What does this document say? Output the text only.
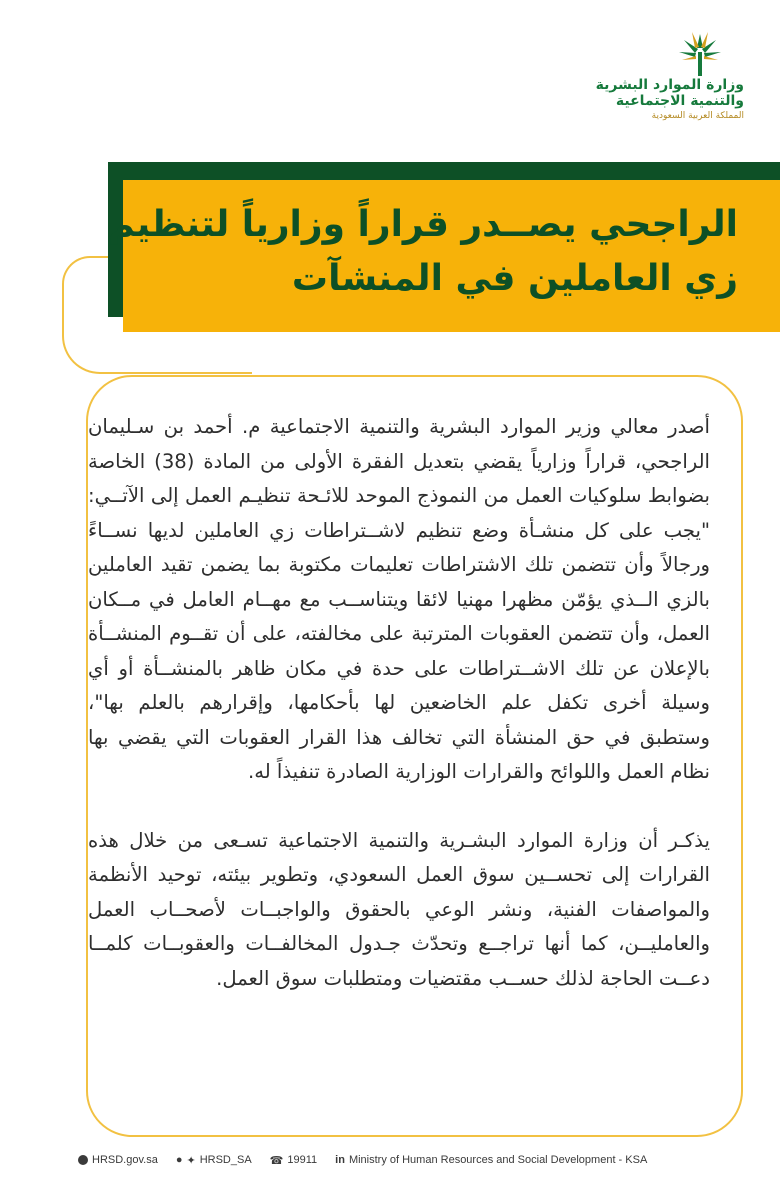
وزارة الموارد البشرية
والتنمية الاجتماعية
المملكة العربية السعودية
الراجحي يصــدر قراراً وزارياً لتنظيم
زي العاملين في المنشآت

أصدر معالي وزير الموارد البشرية والتنمية الاجتماعية م. أحمد بن سـليمان الراجحي، قراراً وزارياً يقضي بتعديل الفقرة الأولى من المادة (38) الخاصة بضوابط سلوكيات العمل من النموذج الموحد للائـحة تنظيـم العمل إلى الآتــي: "يجب على كل منشـأة وضع تنظيم لاشــتراطات زي العاملين لديها نســاءً ورجالاً وأن تتضمن تلك الاشتراطات تعليمات مكتوبة بما يضمن تقيد العاملين بالزي الــذي يؤمّن مظهرا مهنيا لائقا ويتناســب مع مهــام العامل في مــكان العمل، وأن تتضمن العقوبات المترتبة على مخالفته، على أن تقــوم المنشــأة بالإعلان عن تلك الاشــتراطات على حدة في مكان ظاهر بالمنشــأة أو أي وسيلة أخرى تكفل علم الخاضعين لها بأحكامها، وإقرارهم بالعلم بها"، وستطبق في حق المنشأة التي تخالف هذا القرار العقوبات التي يقضي بها نظام العمل واللوائح والقرارات الوزارية الصادرة تنفيذاً له.

يذكـر أن وزارة الموارد البشـرية والتنمية الاجتماعية تسـعى من خلال هذه القرارات إلى تحســين سوق العمل السعودي، وتطوير بيئته، توحيد الأنظمة والمواصفات الفنية، ونشر الوعي بالحقوق والواجبــات لأصحــاب العمل والعامليــن، كما أنها تراجــع وتحدّث جـدول المخالفــات والعقوبــات كلمــا دعــت الحاجة لذلك حســب مقتضيات ومتطلبات سوق العمل.

HRSD.gov.sa ● ✦ HRSD_SA ☎ 19911 in Ministry of Human Resources and Social Development - KSA
